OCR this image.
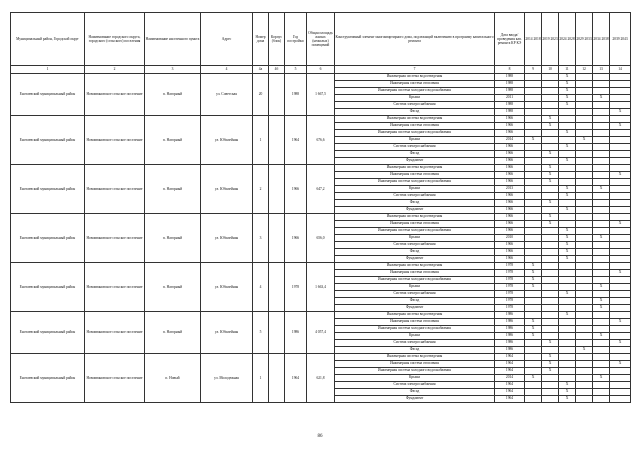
Муниципальный район, Городской округ	Наименование городского округа, городского (сельского) поселения	Наименование населенного пункта	Адрес	Номер дома	Корпус (блок)	Год постройки	Общая площадь жилых (нежилых) помещений	Конструктивный элемент многоквартирного дома, подлежащий включению в программу капитального ремонта	Дата ввода/ проведения кап. ремонта КР КЭ	2014 2018	2019 2023	2024 2028	2029 2033	2034 2038	2039 2043
1	2	3	4	4a	4б	5	6	7	8	9	10	11	12	13	14
Енотаевский муниципальный район	Новоивановское сельское поселение	п. Нагорный	ул. Советская	20		1988	1 667,5	Инженерная система водоотведения	1988			X			
								Инженерная система отопления	1988			X			
								Инженерная система холодного водоснабжения	1988			X			
								Крыша	2011			X		X	
								Система электроснабжения	1988			X			
								Фасад	1988						X
Енотаевский муниципальный район	Новоивановское сельское поселение	п. Нагорный	ул. Юбилейная	1		1964	676,6	Инженерная система водоотведения	1966		X				
								Инженерная система отопления	1966		X				X
								Инженерная система холодного водоснабжения	1966			X			
								Крыша	2014	X			X		
								Система электроснабжения	1966			X			
								Фасад	1966		X				
								Фундамент	1966			X			
Енотаевский муниципальный район	Новоивановское сельское поселение	п. Нагорный	ул. Юбилейная	2		1966	647,2	Инженерная система водоотведения	1966		X				
								Инженерная система отопления	1966		X				X
								Инженерная система холодного водоснабжения	1966		X				
								Крыша	2013			X		X	
								Система электроснабжения	1966			X			
								Фасад	1966		X				
								Фундамент	1966			X			
Енотаевский муниципальный район	Новоивановское сельское поселение	п. Нагорный	ул. Юбилейная	3		1966	656,0	Инженерная система водоотведения	1966		X				
								Инженерная система отопления	1966		X				X
								Инженерная система холодного водоснабжения	1966			X			
								Крыша	2010			X		X	
								Система электроснабжения	1966			X			
								Фасад	1966			X			
								Фундамент	1966			X			
Енотаевский муниципальный район	Новоивановское сельское поселение	п. Нагорный	ул. Юбилейная	4		1978	1 663,4	Инженерная система водоотведения	1978	X					
								Инженерная система отопления	1978	X					X
								Инженерная система холодного водоснабжения	1978	X					
								Крыша	1978	X				X	
								Система электроснабжения	1978			X			
								Фасад	1978					X	
								Фундамент	1978					X	
Енотаевский муниципальный район	Новоивановское сельское поселение	п. Нагорный	ул. Юбилейная	5		1986	4 057,4	Инженерная система водоотведения	1986			X			
								Инженерная система отопления	1986	X					X
								Инженерная система холодного водоснабжения	1986	X					
								Крыша	1986	X				X	
								Система электроснабжения	1986		X				X
								Фасад	1986				X		
Енотаевский муниципальный район	Новоивановское сельское поселение	п. Новый	ул. Молодежная	1		1964	621,8	Инженерная система водоотведения	1964		X				
								Инженерная система отопления	1964		X				X
								Инженерная система холодного водоснабжения	1964		X				
								Крыша	2014	X				X	
								Система электроснабжения	1964			X			
								Фасад	1964			X			
								Фундамент	1964			X			
86
